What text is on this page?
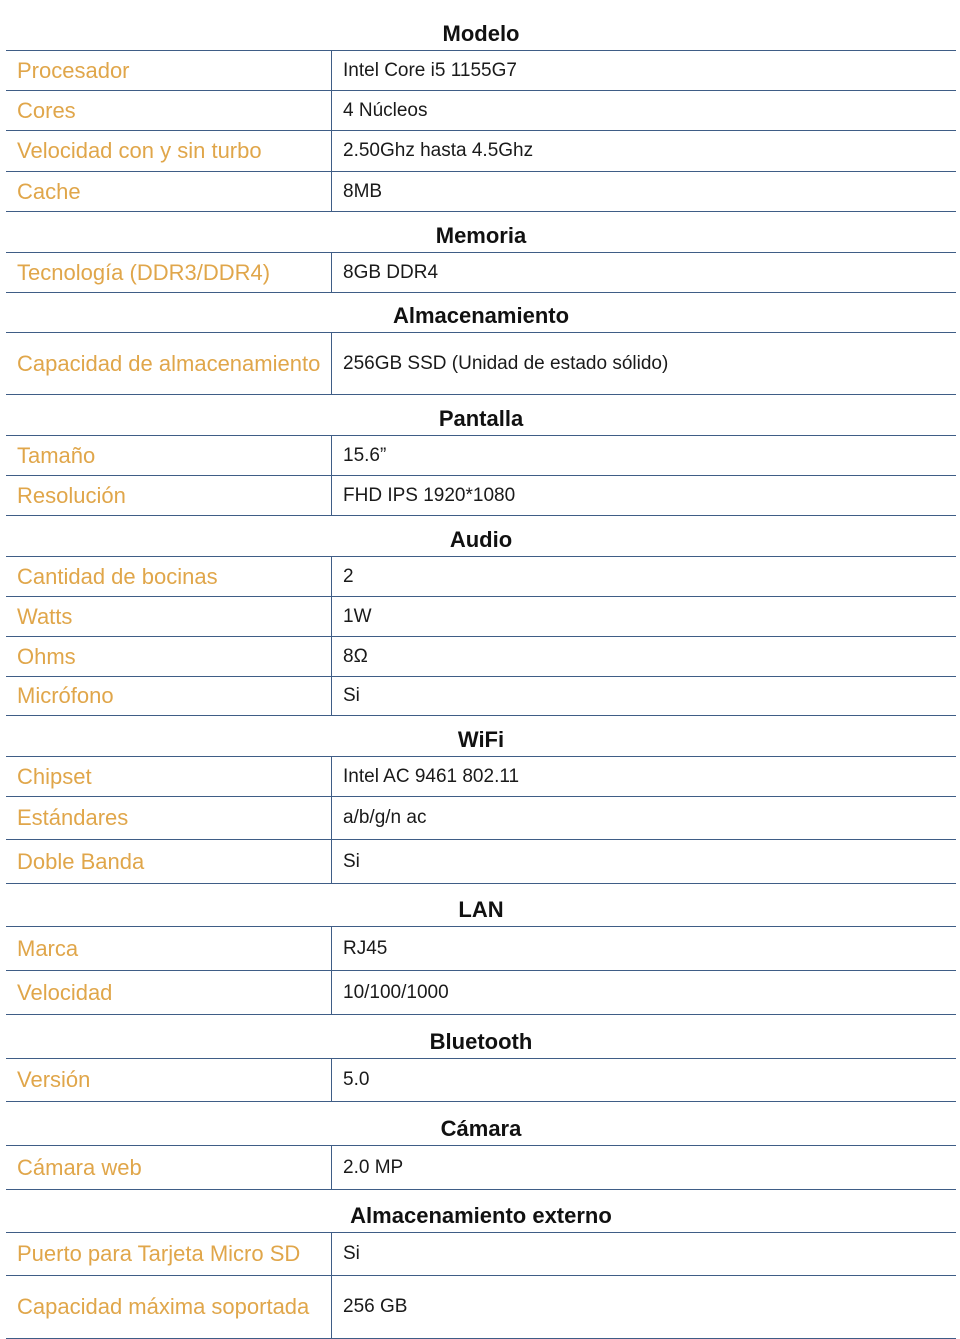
Modelo
Procesador	Intel Core i5 1155G7
Cores	4 Núcleos
Velocidad con y sin turbo	2.50Ghz hasta 4.5Ghz
Cache	8MB
Memoria
Tecnología (DDR3/DDR4)	8GB DDR4
Almacenamiento
Capacidad de almacenamiento	256GB SSD (Unidad de estado sólido)
Pantalla
Tamaño	15.6”
Resolución	FHD IPS 1920*1080
Audio
Cantidad de bocinas	2
Watts	1W
Ohms	8Ω
Micrófono	Si
WiFi
Chipset	Intel AC 9461 802.11
Estándares	a/b/g/n ac
Doble Banda	Si
LAN
Marca	RJ45
Velocidad	10/100/1000
Bluetooth
Versión	5.0
Cámara
Cámara web	2.0 MP
Almacenamiento externo
Puerto para Tarjeta Micro SD	Si
Capacidad máxima soportada	256 GB
